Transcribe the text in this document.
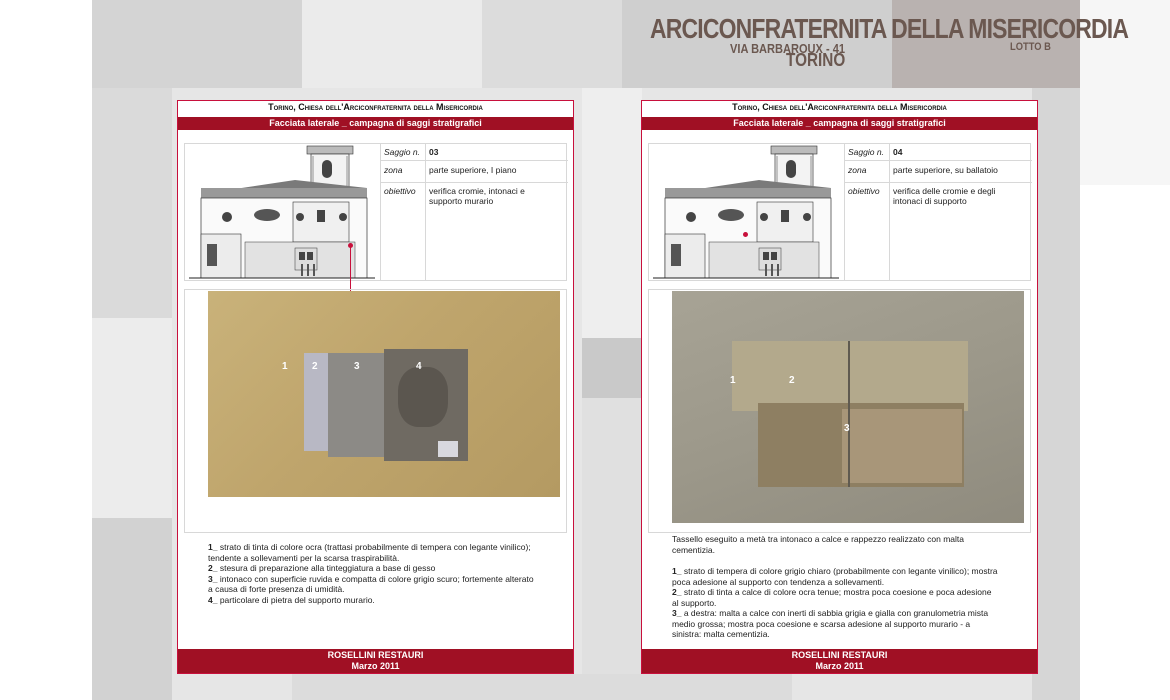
ARCICONFRATERNITA DELLA MISERICORDIA
VIA BARBAROUX - 41	LOTTO B
TORINO
Torino, Chiesa dell'Arciconfraternita della Misericordia
Facciata laterale _ campagna di saggi stratigrafici
Saggio n. 03
zona	parte superiore, I piano
obiettivo verifica cromie, intonaci e
supporto murario
1 2	3	4
1_ strato di tinta di colore ocra (trattasi probabilmente di tempera con legante vinilico);
tendente a sollevamenti per la scarsa traspirabilità.
2_ stesura di preparazione alla tinteggiatura a base di gesso
3_ intonaco con superficie ruvida e compatta di colore grigio scuro; fortemente alterato
a causa di forte presenza di umidità.
4_ particolare di pietra del supporto murario.
ROSELLINI RESTAURI
Marzo 2011
Torino, Chiesa dell'Arciconfraternita della Misericordia
Facciata laterale _ campagna di saggi stratigrafici
Saggio n. 04
zona	parte superiore, su ballatoio
obiettivo verifica delle cromie e degli
intonaci di supporto
1	2
3
Tassello eseguito a metà tra intonaco a calce e rappezzo realizzato con malta
cementizia.
1_ strato di tempera di colore grigio chiaro (probabilmente con legante vinilico); mostra
poca adesione al supporto con tendenza a sollevamenti.
2_ strato di tinta a calce di colore ocra tenue; mostra poca coesione e poca adesione
al supporto.
3_ a destra: malta a calce con inerti di sabbia grigia e gialla con granulometria mista
medio grossa; mostra poca coesione e scarsa adesione al supporto murario - a
sinistra: malta cementizia.
ROSELLINI RESTAURI
Marzo 2011
